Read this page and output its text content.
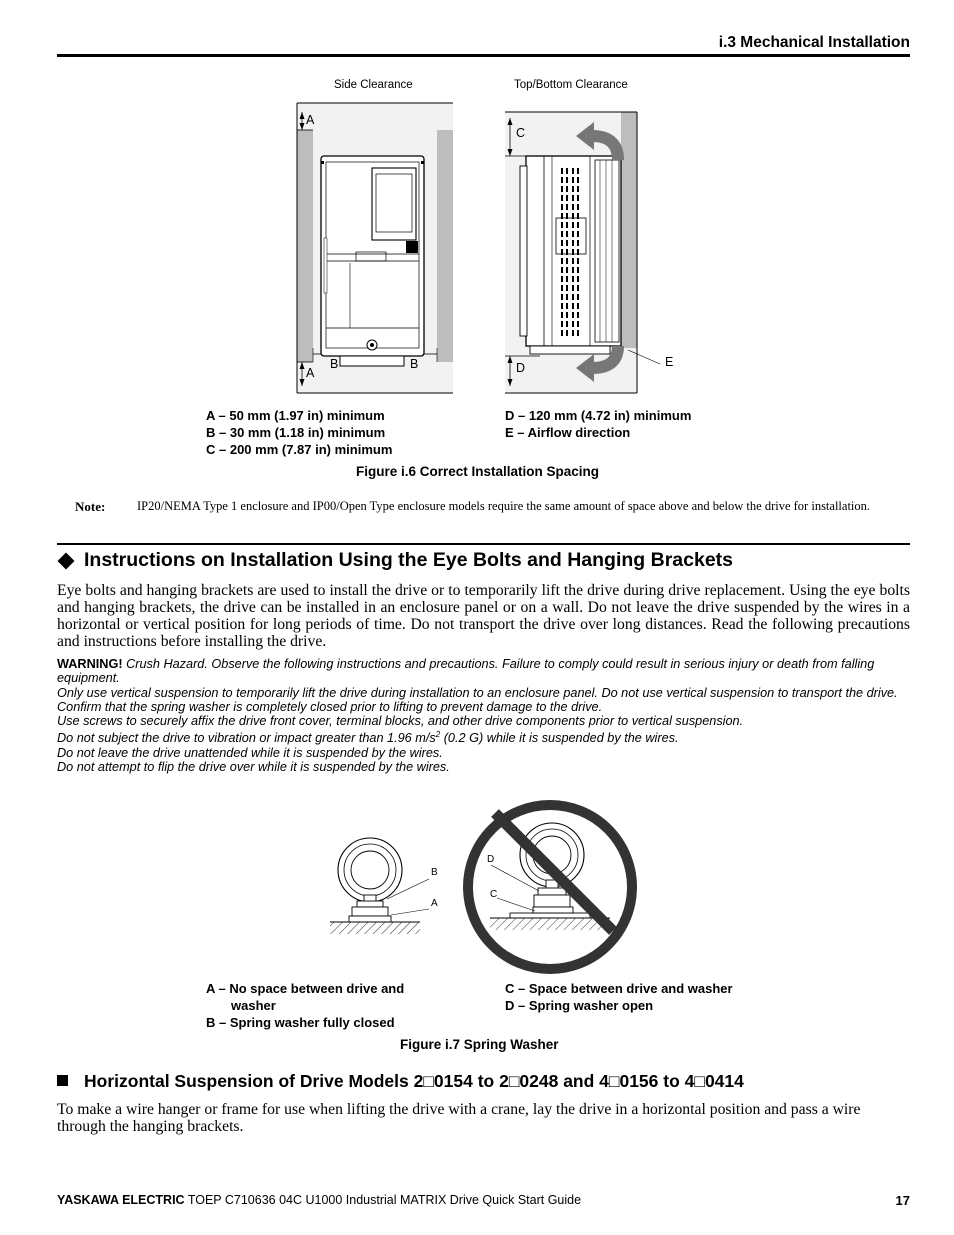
i.3 Mechanical Installation
Side Clearance	Top/Bottom Clearance
A
A
B	B
C
D	E
A – 50 mm (1.97 in) minimum
B – 30 mm (1.18 in) minimum
C – 200 mm (7.87 in) minimum
D – 120 mm (4.72 in) minimum
E – Airflow direction
Figure i.6 Correct Installation Spacing
Note:	IP20/NEMA Type 1 enclosure and IP00/Open Type enclosure models require the same amount of space above and below the drive for installation.
Instructions on Installation Using the Eye Bolts and Hanging Brackets
Eye bolts and hanging brackets are used to install the drive or to temporarily lift the drive during drive replacement. Using the eye bolts and hanging brackets, the drive can be installed in an enclosure panel or on a wall. Do not leave the drive suspended by the wires in a horizontal or vertical position for long periods of time. Do not transport the drive over long distances. Read the following precautions and instructions before installing the drive.
WARNING! Crush Hazard. Observe the following instructions and precautions. Failure to comply could result in serious injury or death from falling equipment.
Only use vertical suspension to temporarily lift the drive during installation to an enclosure panel. Do not use vertical suspension to transport the drive.
Confirm that the spring washer is completely closed prior to lifting to prevent damage to the drive.
Use screws to securely affix the drive front cover, terminal blocks, and other drive components prior to vertical suspension.
Do not subject the drive to vibration or impact greater than 1.96 $m/s^2$ (0.2 G) while it is suspended by the wires.
Do not leave the drive unattended while it is suspended by the wires.
Do not attempt to flip the drive over while it is suspended by the wires.
B
A
D
C
A – No space between drive and
washer
B – Spring washer fully closed
C – Space between drive and washer
D – Spring washer open
Figure i.7 Spring Washer
Horizontal Suspension of Drive Models 2□0154 to 2□0248 and 4□0156 to 4□0414
To make a wire hanger or frame for use when lifting the drive with a crane, lay the drive in a horizontal position and pass a wire through the hanging brackets.
YASKAWA ELECTRIC TOEP C710636 04C U1000 Industrial MATRIX Drive Quick Start Guide	17
